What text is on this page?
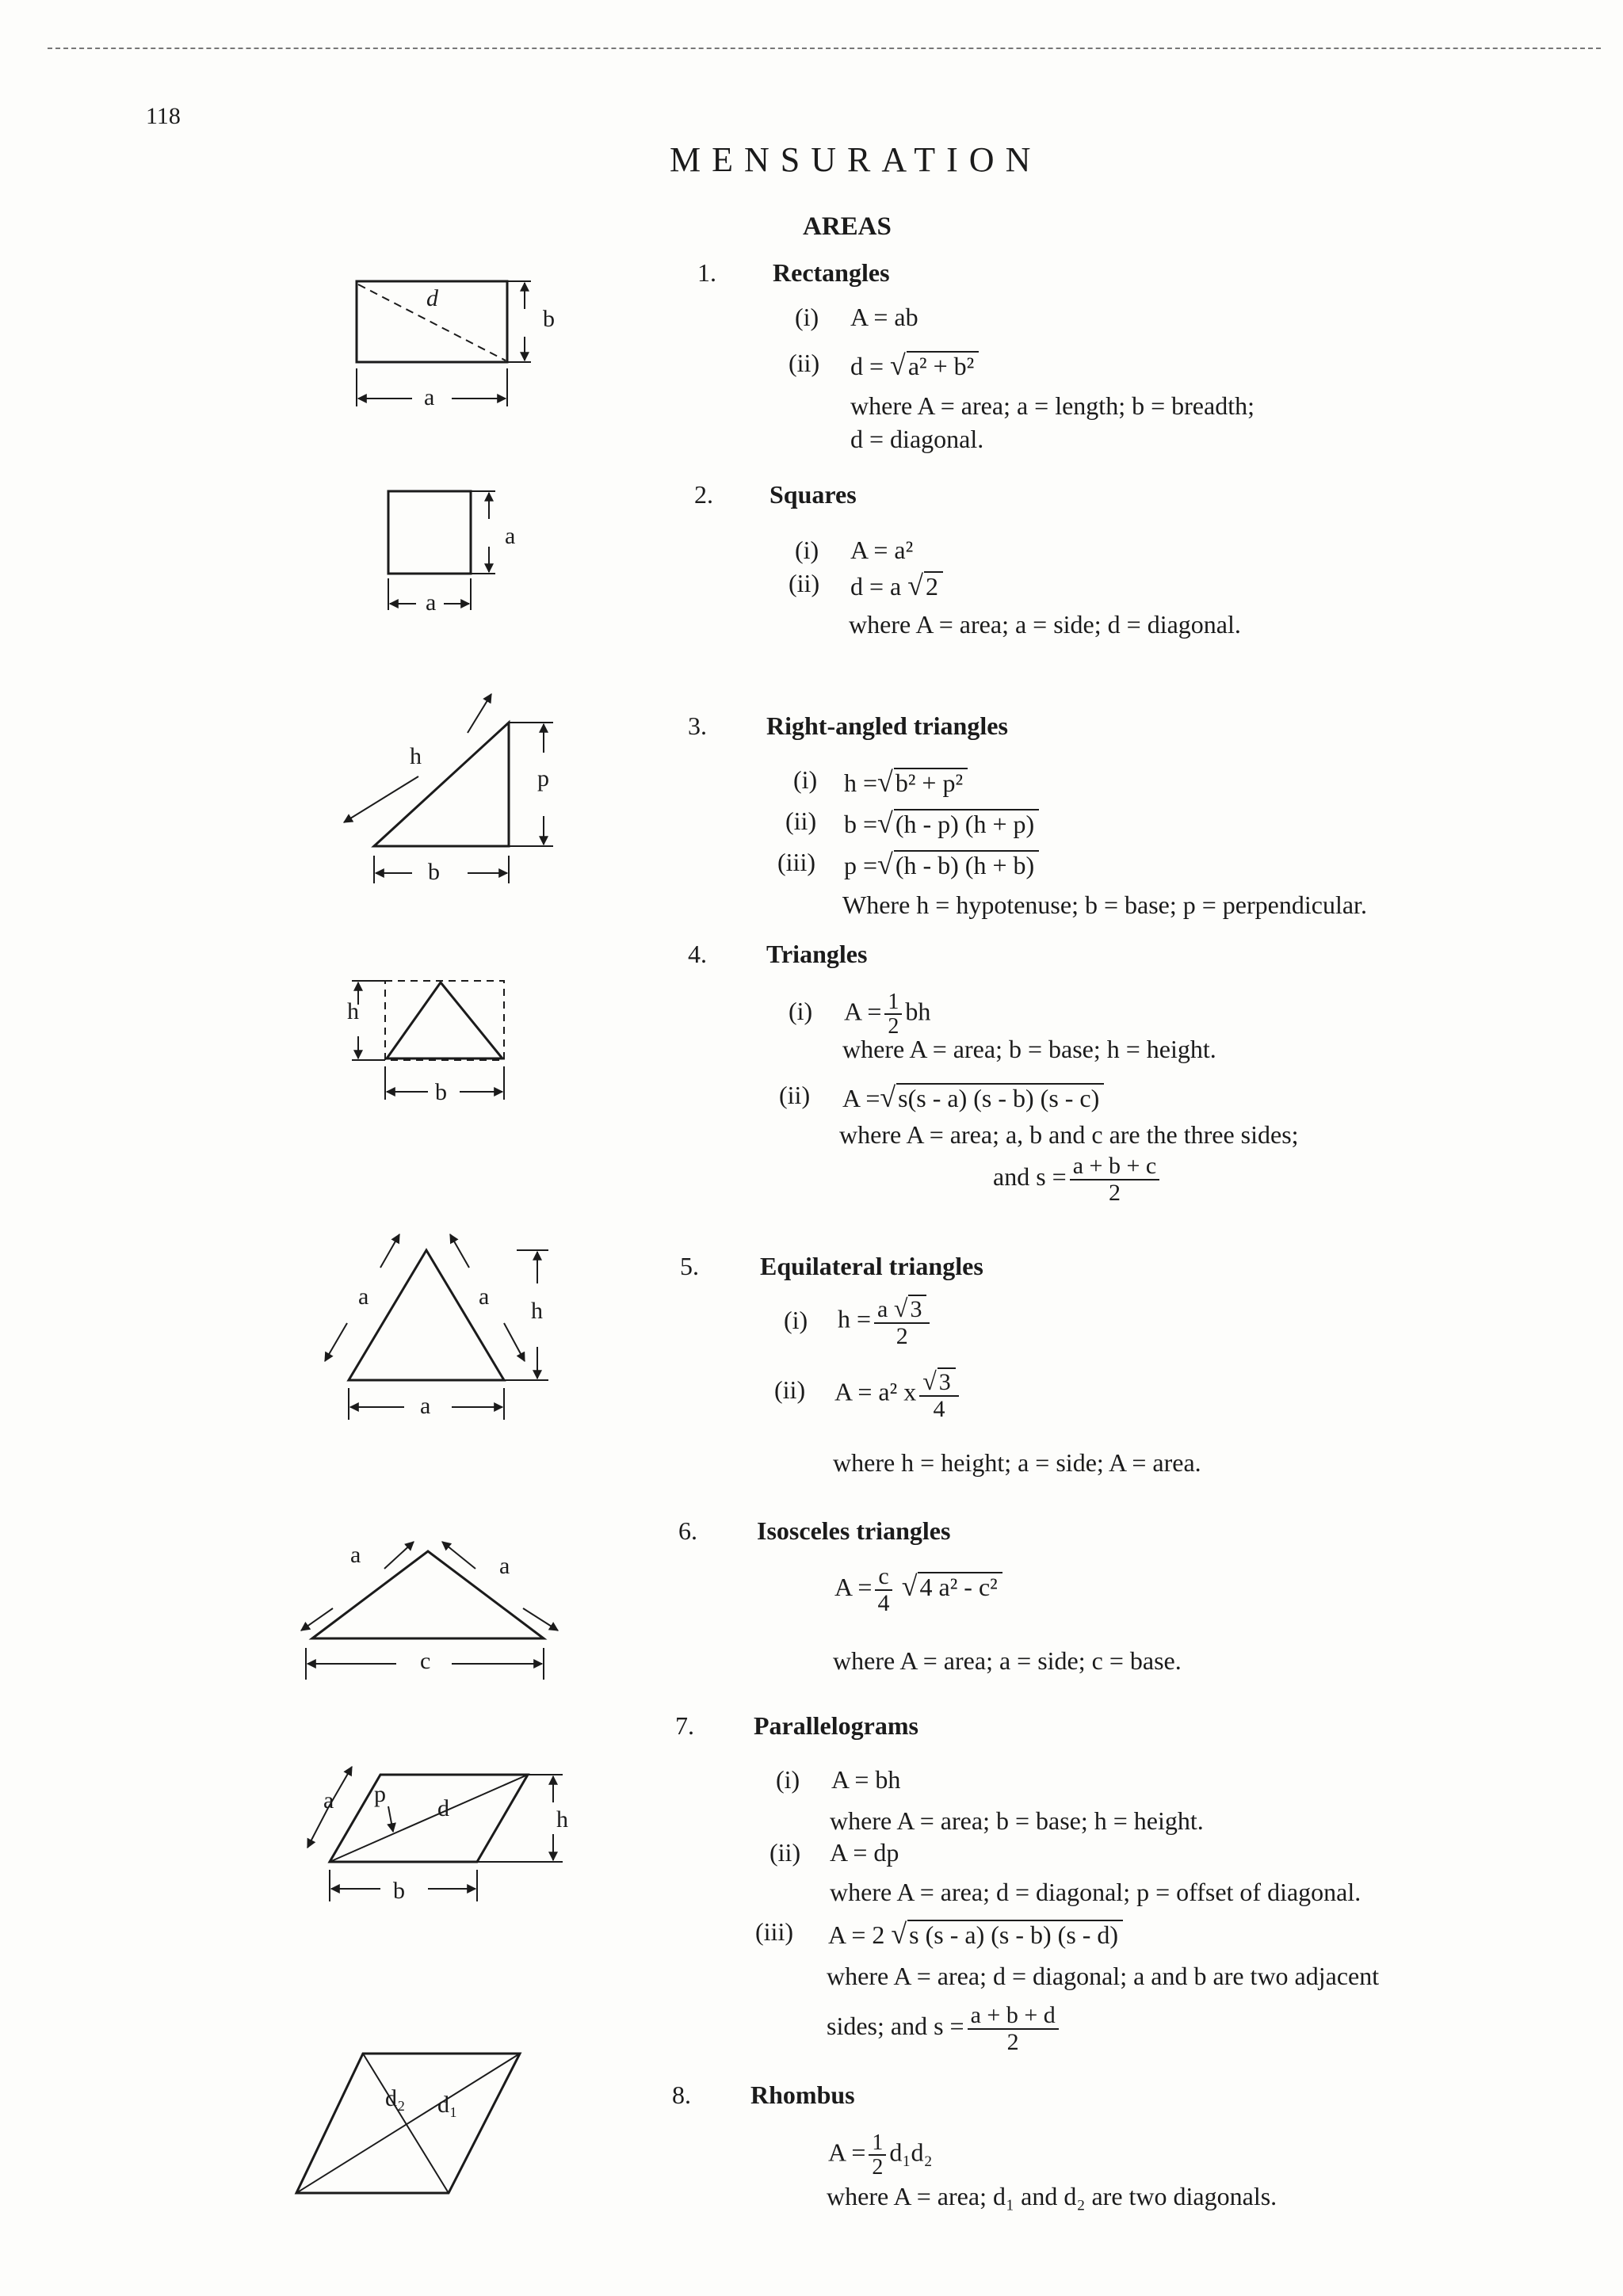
118
MENSURATION
AREAS
1. Rectangles
(i) A = ab
(ii) d = √a² + b²
where A = area; a = length; b = breadth;
d = diagonal.
b
a
d
2. Squares
(i) A = a²
(ii) d = a √2
where A = area; a = side; d = diagonal.
a
a
3. Right-angled triangles
(i) h =√b² + p²
(ii) b =√(h - p) (h + p)
(iii) p =√(h - b) (h + b)
Where h = hypotenuse; b = base; p = perpendicular.
h
p
b
4. Triangles
(i) $A = \frac{1}{2}$ bh
where A = area; b = base; h = height.
(ii) A =√s(s - a) (s - b) (s - c)
where A = area; a, b and c are the three sides;
and $s = \frac{a + b + c}{2}$
h
b
5. Equilateral triangles
(i) $h = \frac{a √ 3}{2}$
(ii) A = a² x $\frac{√ 3}{4}$
where h = height; a = side; A = area.
a	a
h
a
6. Isosceles triangles
$A = \frac{c}{4} √4$ a² - c²
where A = area; a = side; c = base.
a	a
c
7. Parallelograms
(i) A = bh
where A = area; b = base; h = height.
(ii) A = dp
where A = area; d = diagonal; p = offset of diagonal.
(iii) A = 2 √s (s - a) (s - b) (s - d)
where A = area; d = diagonal; a and b are two adjacent
sides; and $s = \frac{a + b + d}{2}$
a p
d	h
b
8. Rhombus
$A = \frac{1}{2} d_1d_2$
where A = area; d₁ and d₂ are two diagonals.
d₂ d₁
